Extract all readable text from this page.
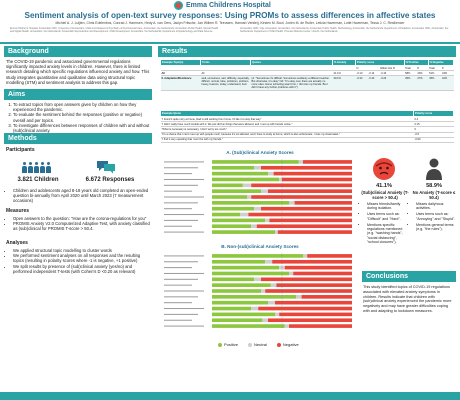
Emma Childrens Hospital
Sentiment analysis of open-text survey responses: Using PROMs to assess differences in affective states
Michiel A. J. Luijten, Chris Edelenbos, Conrad J. Harmsen, Hedy A. van Oers, Jaclyn Fritsche, Jan Willem R. Teeuwen, Hannah Verkleij, Kirsten M. Boot, Jorien M. de Ruiter, Leticia Haverman, Lotte Haverman, Tessa J. C. Resiliencer
Emma Children's Hospital, Amsterdam UMC, University of Amsterdam, Child and Adolescent Psychiatry & Psychosocial Care, Amsterdam, the Netherlands; Amsterdam Public Health, Mental Health and Digital Health, Amsterdam, the Netherlands; Amsterdam Reproduction and Development, Child Development, Amsterdam, the Netherlands; Department of Epidemiology and Data Science, Amsterdam UMC, Vrije Universiteit, Amsterdam, the Netherlands; Amsterdam Public Health, Methodology, Amsterdam, the Netherlands; Department of Pediatrics, Amsterdam UMC, Amsterdam, the Netherlands; Department of Child Health, Princess Maxima Center, Utrecht, the Netherlands
Background
The COVID-19 pandemic and associated governmental regulations significantly impacted anxiety levels in children. However, there is limited research detailing which specific regulations influenced anxiety and how. This study integrates quantitative and qualitative data using structural topic modelling (STM) and sentiment analysis to address this gap.
Aims
1. To extract topics from open answers given by children on how they experienced the pandemic.
2. To evaluate the sentiment behind the responses (positive or negative) overall and per topics.
3. To investigate differences between responses of children with and without (sub)clinical anxiety.
Methods
Participants
3.821 Children	6.672 Responses
• Children and adolescents aged 8-18 years old completed an open-ended question bi-annually from April 2020 until March 2023 (7 measurement occasions)
Measures
• Open answers to the question: "How are the corona-regulations for you"
• PROMIS Anxiety V2.0 Computerized Adaptive Test, with anxiety classified as (sub)clinical for PROMIS T-score > 50.4.
Analyses
• We applied structural topic modelling to cluster words
• We performed sentiment analyses on all responses and the resulting topics (resulting in polarity scores where -1 is negative, +1 positive)
• We split results by presence of (sub)clinical anxiety (yes/no) and performed independent T-tests (with Cohen's D <0.20 as relevant)
Results
Example Topic(s)	Terms	Quotes	% Anxiety	Polarity score			% Positive		% Negative	
				N		Effect size D	Total	P	Total	P
All	All		41.1%	-0.13	-0.14	-0.16	58%	43%	51%	43%
6. Adaptation/Resilience	well, sometimes, sad, difficulty, especially, difficult, normal, hate, problems, problem, heavy, lessons, today, understand, burn	(A: "Sometimes it's difficult. Sometimes suddenly a different teacher. But otherwise, it's okay" NA: "It's okay now, there are actually no more rules. Home schooling wasn't fun, I did miss my friends. But I didn't have any further problems with it")	39.1%	-0.33	-0.43	-0.26	35%	27%	45%	42%
Example Quote	Polarity score
"I found it quite cozy at home, Dad is still working from home. I'd like it to stay that way"	0.4
"I didn't really have much trouble with it. We just did fun things that were allowed, and I met up with friends online."	0.15
"What is necessary is necessary. I don't worry too much."	0
"It's a shame that I can't meet up with people much, because it's not allowed, and I have to study at home, which is also unfortunate. I miss my classmates."	-0.5
"I find it very upsetting that I can't be with my friends."	-0.90
A. (Sub)clinical Anxiety Scores
B. Non-(sub)clinical Anxiety Scores
Positive	Neutral	Negative
41.1%	58.9%
(Sub)clinical Anxiety (T-score > 50.4)
No Anxiety (T-score ≤ 50.4)
• Misses friends/family during isolation.
• Uses terms such as: "Difficult" and "Hard".
• Mentions specific regulations mentioned (e.g. "washing hands", "social distancing", "school closures").
• Misses dailyhous activities.
• Uses terms such as: "Annoying" and "Stupid".
• Mentions general terms (e.g. "the rules").
Conclusions
This study identified topics of COVID-19 regulations associated with elevated anxiety symptoms in children. Results indicate that children with (sub)clinical anxiety experienced the pandemic more negatively and may have greater difficulties coping with and adapting to lockdown measures.
